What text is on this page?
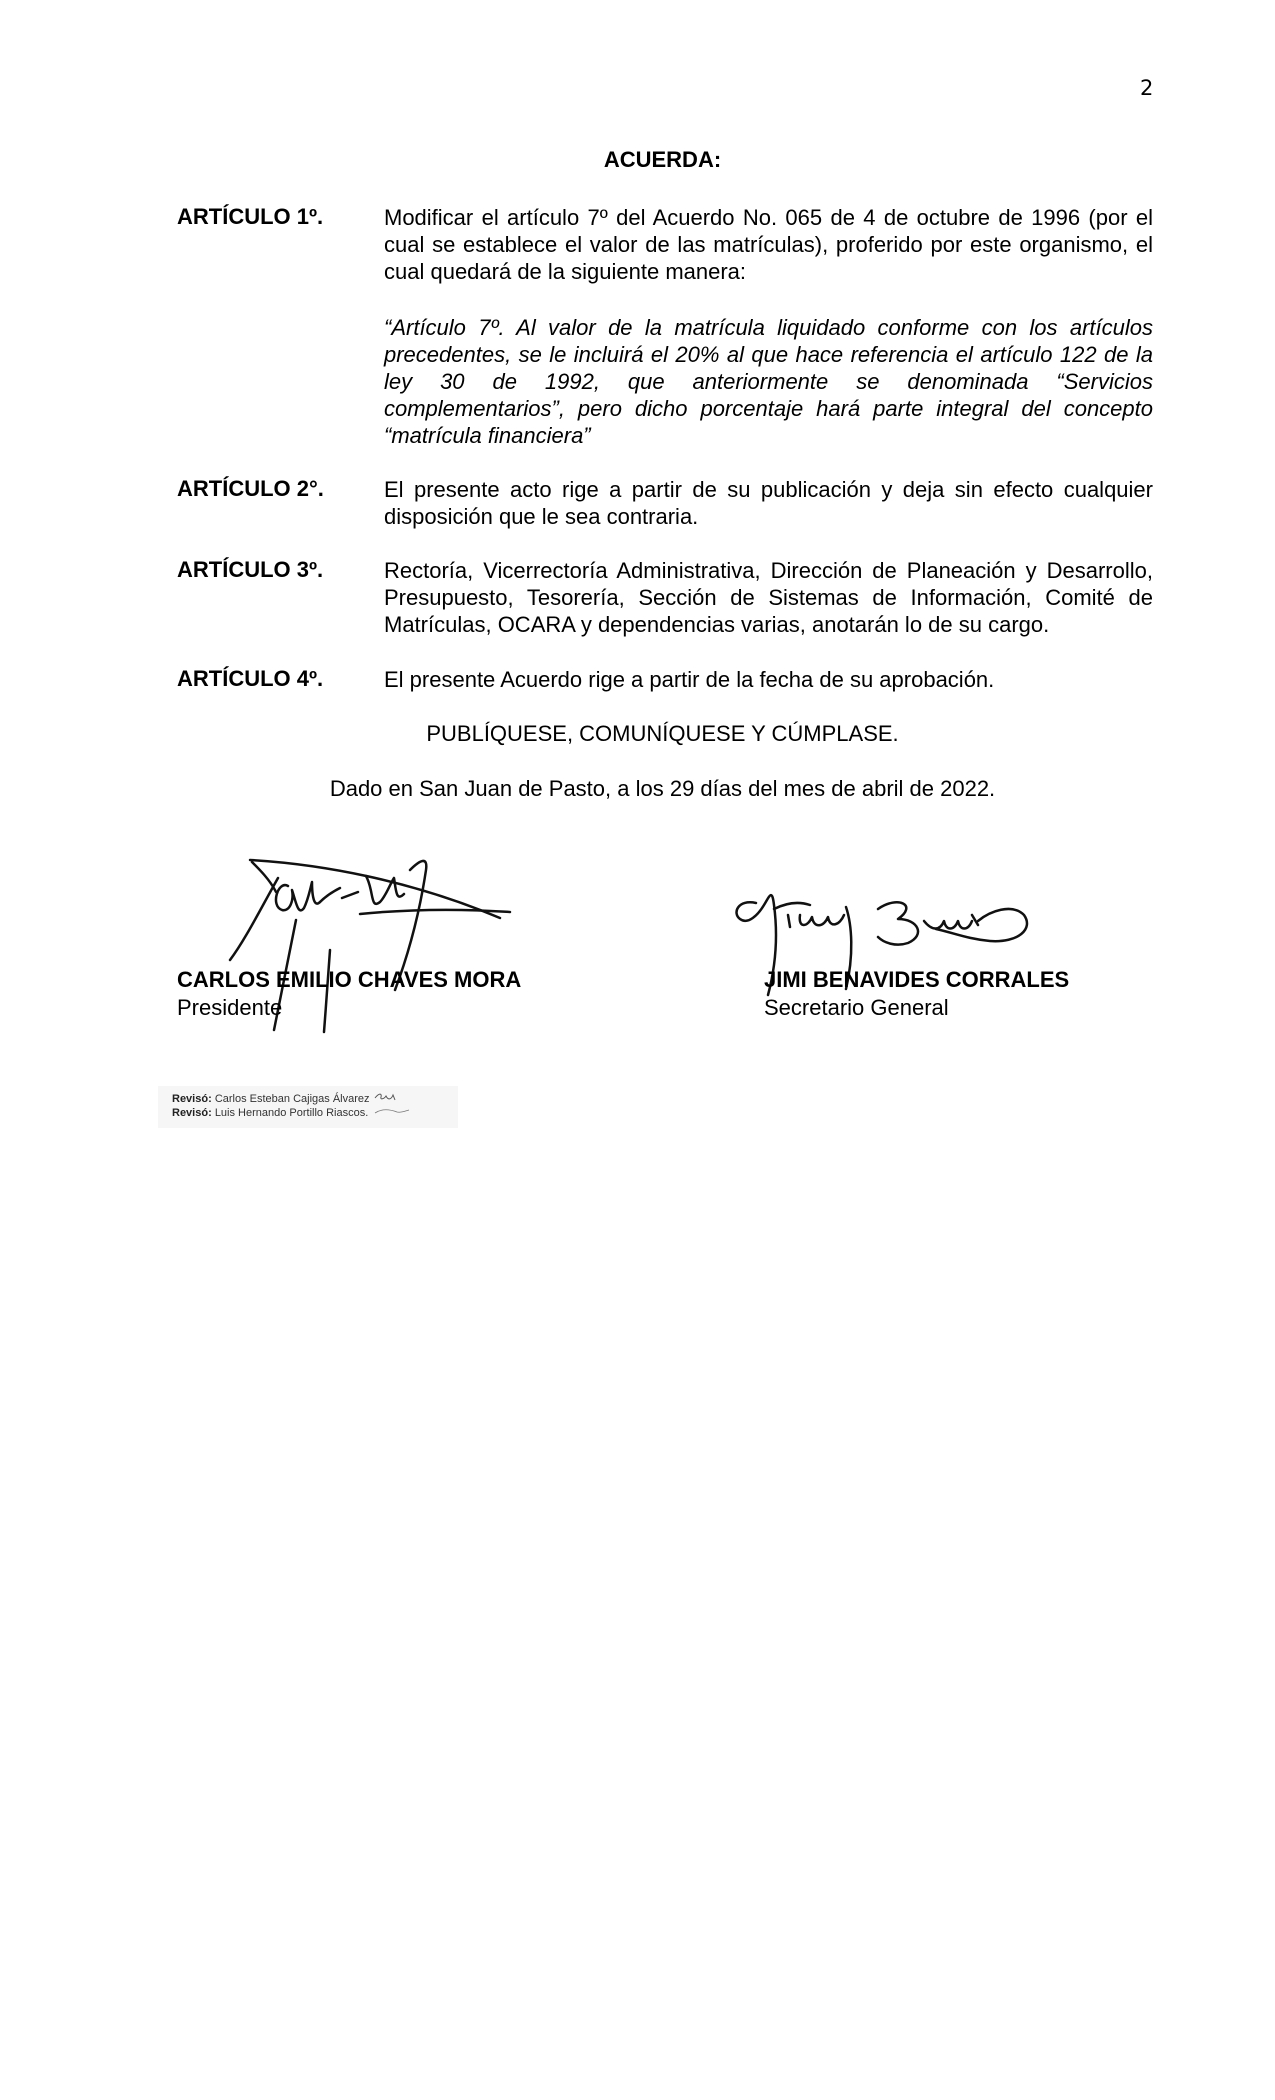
2
ACUERDA:
ARTÍCULO 1º.	Modificar el artículo 7º del Acuerdo No. 065 de 4 de octubre de 1996 (por el cual se establece el valor de las matrículas), proferido por este organismo, el cual quedará de la siguiente manera:
“Artículo 7º. Al valor de la matrícula liquidado conforme con los artículos precedentes, se le incluirá el 20% al que hace referencia el artículo 122 de la ley 30 de 1992, que anteriormente se denominada “Servicios complementarios”, pero dicho porcentaje hará parte integral del concepto “matrícula financiera”
ARTÍCULO 2°.	El presente acto rige a partir de su publicación y deja sin efecto cualquier disposición que le sea contraria.
ARTÍCULO 3º.	Rectoría, Vicerrectoría Administrativa, Dirección de Planeación y Desarrollo, Presupuesto, Tesorería, Sección de Sistemas de Información, Comité de Matrículas, OCARA y dependencias varias, anotarán lo de su cargo.
ARTÍCULO 4º.	El presente Acuerdo rige a partir de la fecha de su aprobación.
PUBLÍQUESE, COMUNÍQUESE Y CÚMPLASE.
Dado en San Juan de Pasto, a los 29 días del mes de abril de 2022.
CARLOS EMILIO CHAVES MORA
Presidente
JIMI BENAVIDES CORRALES
Secretario General
Revisó: Carlos Esteban Cajigas Álvarez
Revisó: Luis Hernando Portillo Riascos.
